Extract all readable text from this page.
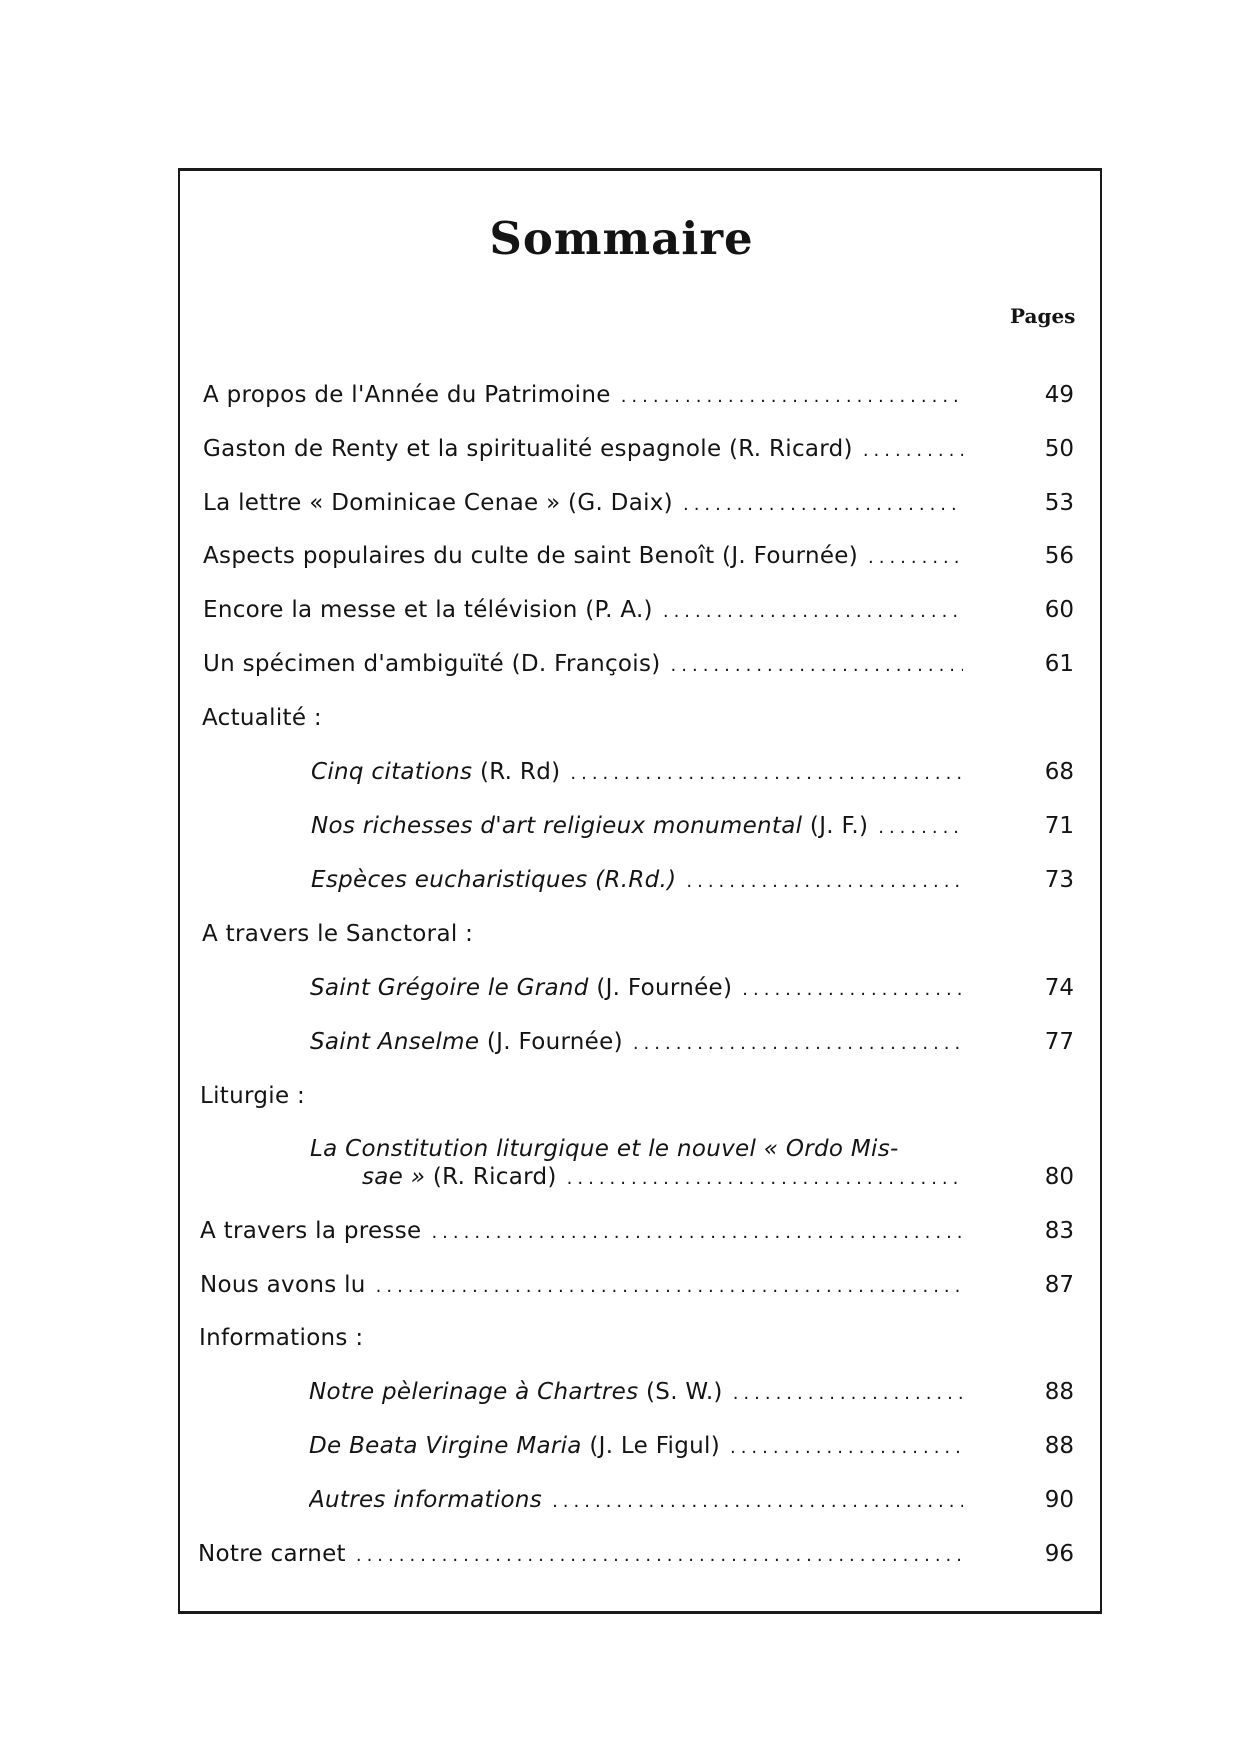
Sommaire
Pages
A propos de l'Année du Patrimoine .....	49
Gaston de Renty et la spiritualité espagnole (R. Ricard) .....	50
La lettre « Dominicae Cenae » (G. Daix) .....	53
Aspects populaires du culte de saint Benoît (J. Fournée) .....	56
Encore la messe et la télévision (P. A.) .....	60
Un spécimen d'ambiguïté (D. François) .....	61
Actualité :
Cinq citations (R. Rd) .....	68
Nos richesses d'art religieux monumental (J. F.) .....	71
Espèces eucharistiques (R.Rd.) .....	73
A travers le Sanctoral :
Saint Grégoire le Grand (J. Fournée) .....	74
Saint Anselme (J. Fournée) .....	77
Liturgie :
La Constitution liturgique et le nouvel « Ordo Mis-
sae » (R. Ricard) .....	80
A travers la presse .....	83
Nous avons lu .....	87
Informations :
Notre pèlerinage à Chartres (S. W.) .....	88
De Beata Virgine Maria (J. Le Figul) .....	88
Autres informations .....	90
Notre carnet .....	96
